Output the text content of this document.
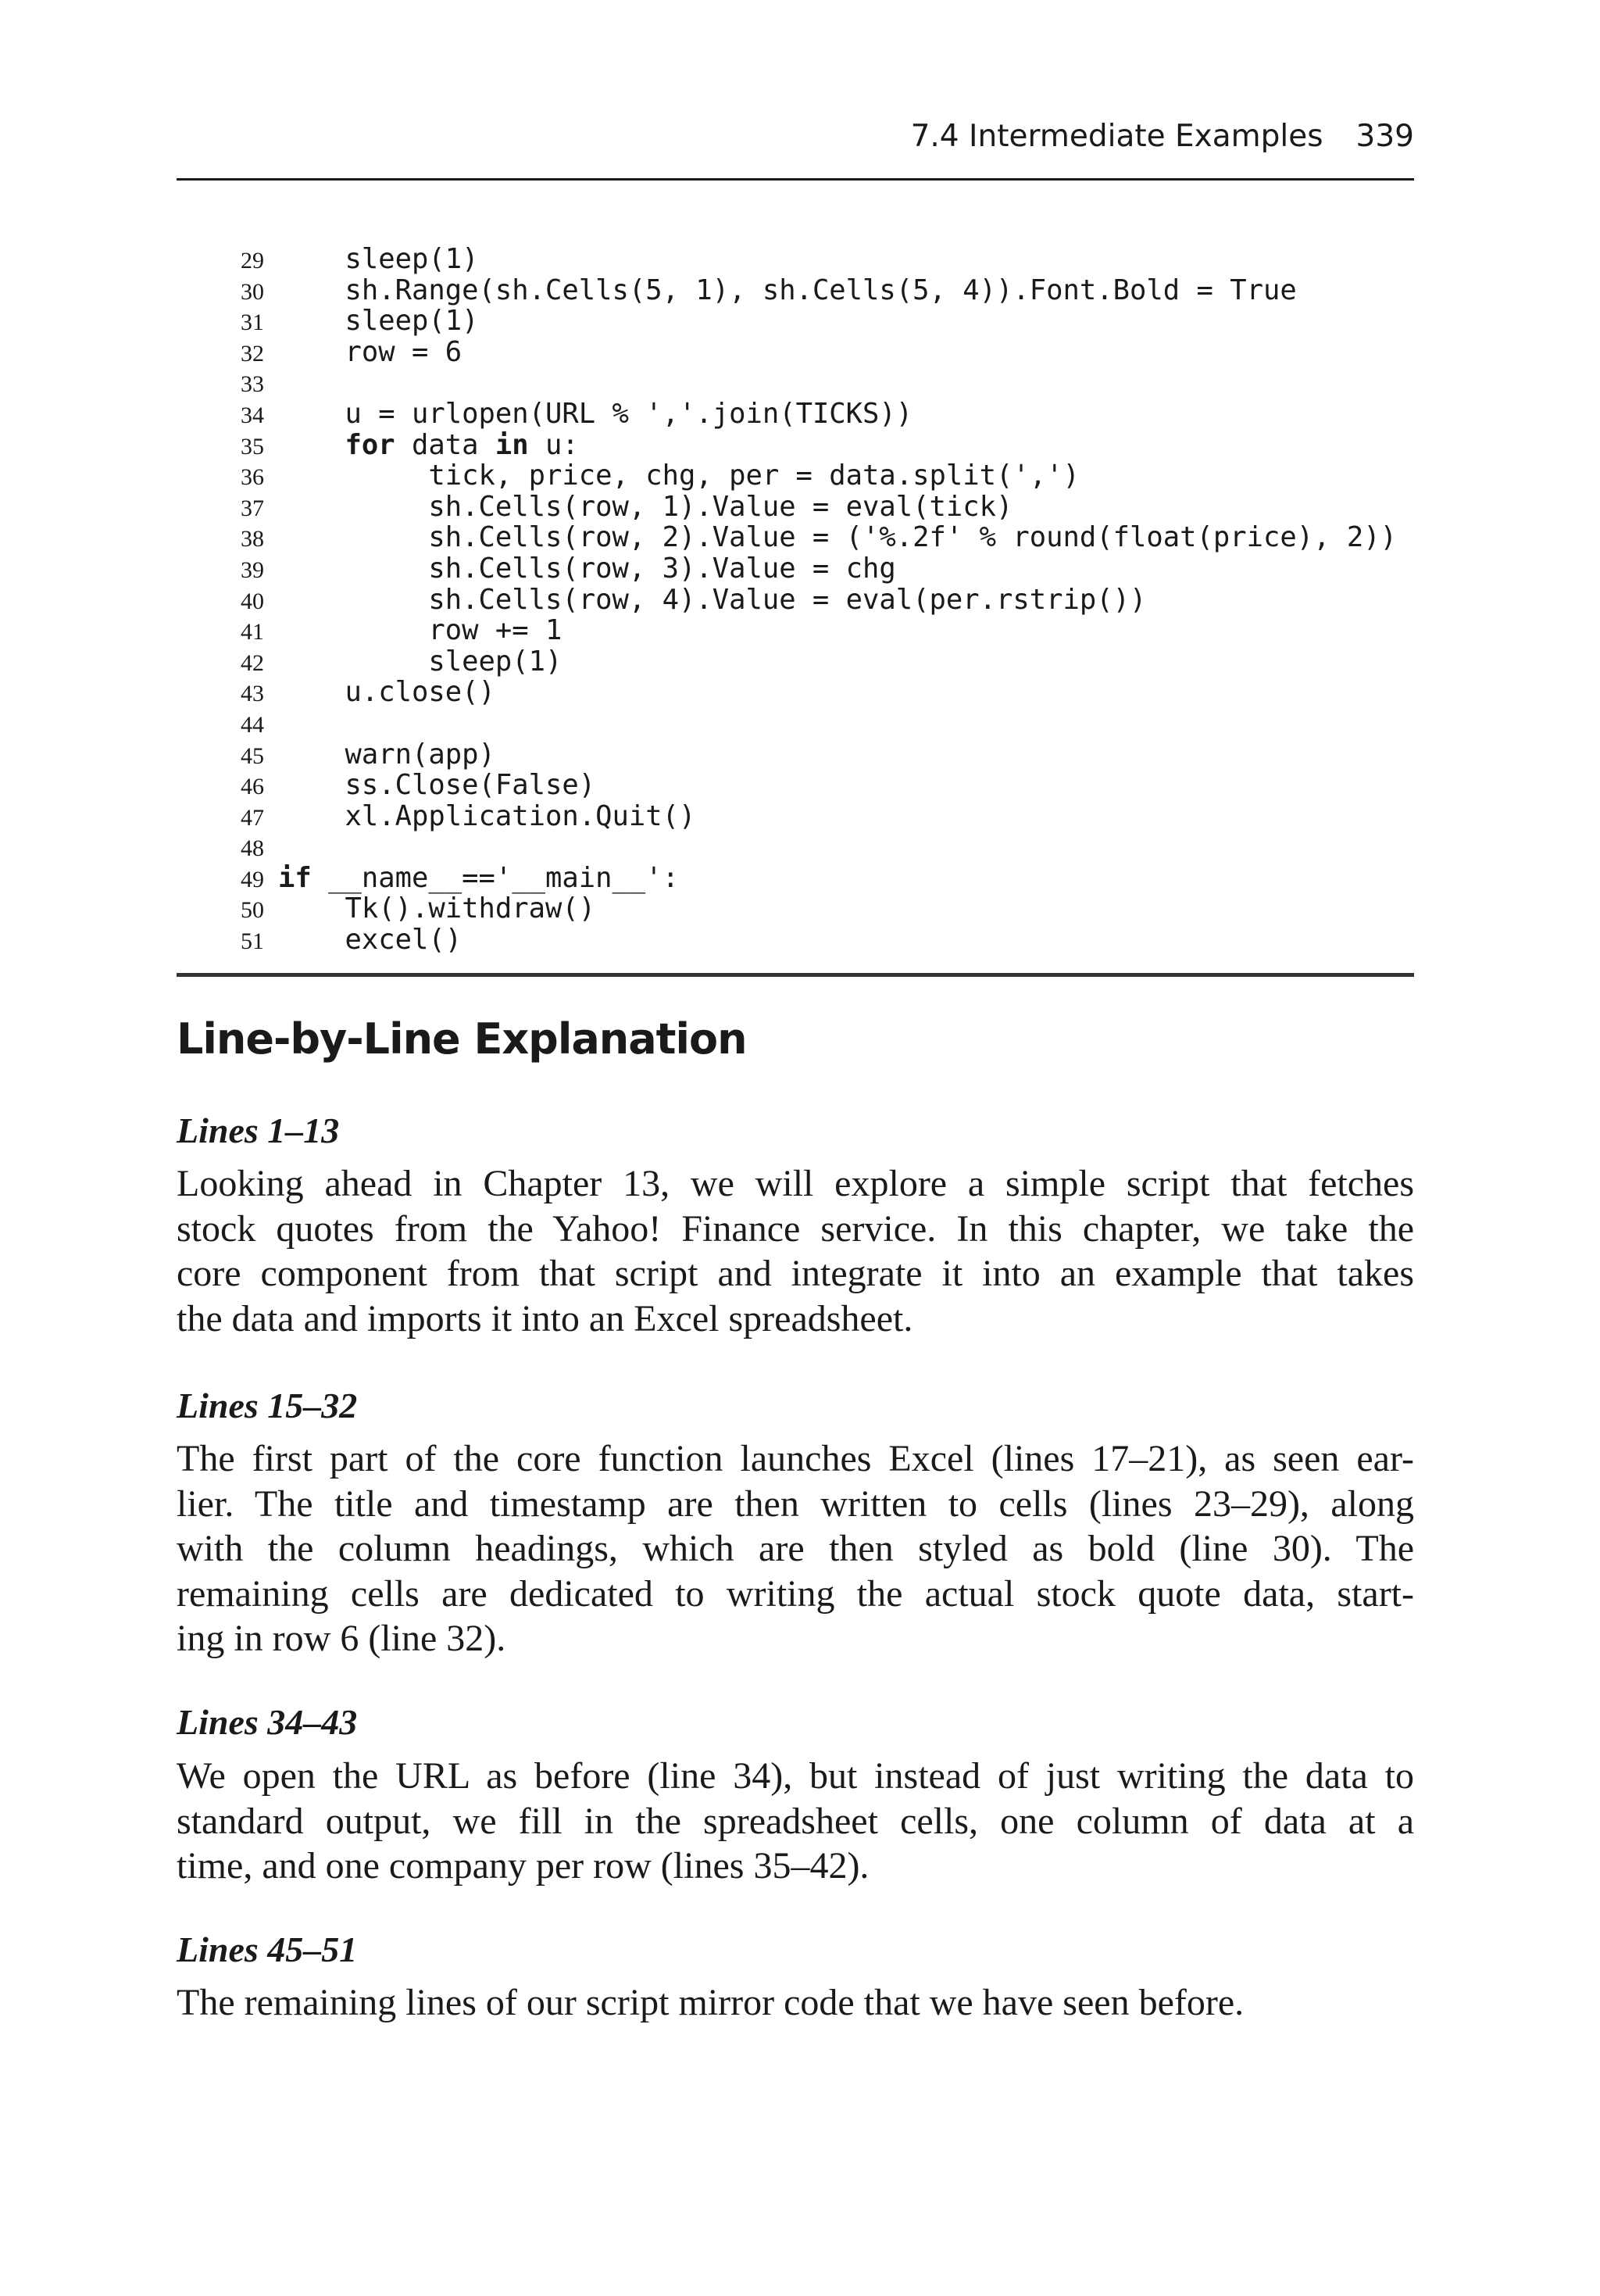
7.4 Intermediate Examples 339
29	sleep(1)
30	sh.Range(sh.Cells(5, 1), sh.Cells(5, 4)).Font.Bold = True
31	sleep(1)
32	row = 6
33
34	u = urlopen(URL % ','.join(TICKS))
35	for data in u:
36	tick, price, chg, per = data.split(',')
37	sh.Cells(row, 1).Value = eval(tick)
38	sh.Cells(row, 2).Value = ('%.2f' % round(float(price), 2))
39	sh.Cells(row, 3).Value = chg
40	sh.Cells(row, 4).Value = eval(per.rstrip())
41	row += 1
42	sleep(1)
43	u.close()
44
45	warn(app)
46	ss.Close(False)
47	xl.Application.Quit()
48
49 if __name__=='__main__':
50	Tk().withdraw()
51	excel()
Line-by-Line Explanation
Lines 1–13
Looking ahead in Chapter 13, we will explore a simple script that fetches
stock quotes from the Yahoo! Finance service. In this chapter, we take the
core component from that script and integrate it into an example that takes
the data and imports it into an Excel spreadsheet.
Lines 15–32
The first part of the core function launches Excel (lines 17–21), as seen ear-
lier. The title and timestamp are then written to cells (lines 23–29), along
with the column headings, which are then styled as bold (line 30). The
remaining cells are dedicated to writing the actual stock quote data, start-
ing in row 6 (line 32).
Lines 34–43
We open the URL as before (line 34), but instead of just writing the data to
standard output, we fill in the spreadsheet cells, one column of data at a
time, and one company per row (lines 35–42).
Lines 45–51
The remaining lines of our script mirror code that we have seen before.
